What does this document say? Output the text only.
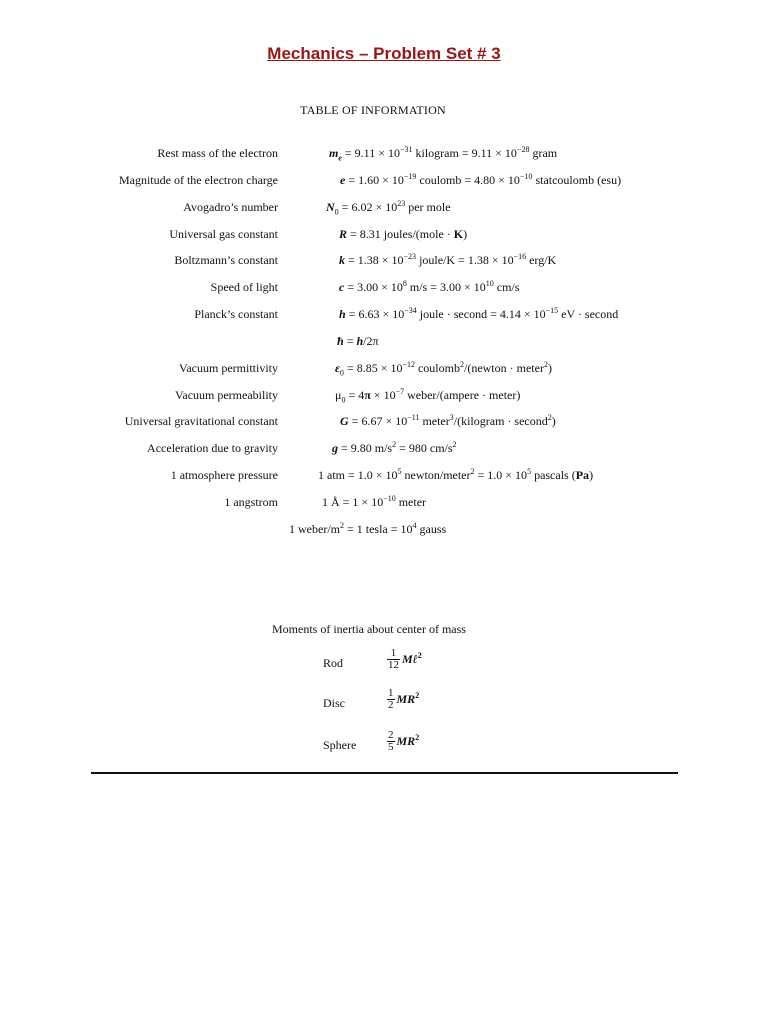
Mechanics – Problem Set # 3
TABLE OF INFORMATION
Rest mass of the electron	$m_e = 9.11 \times 10^{-31}$ kilogram = $9.11 \times 10^{-28}$ gram
Magnitude of the electron charge	$e = 1.60 \times 10^{-19}$ coulomb = $4.80 \times 10^{-10}$ statcoulomb (esu)
Avogadro’s number	$N_0 = 6.02 \times 10^{23}$ per mole
Universal gas constant	R = 8.31 joules/(mole · K)
Boltzmann’s constant	$k = 1.38 \times 10^{-23}$ joule/K = $1.38 \times 10^{-16}$ erg/K
Speed of light	$c = 3.00 \times 10^8$ $m/s = 3.00 \times 10^{10}$ cm/s
Planck’s constant	$h = 6.63 \times 10^{-34}$ joule · second = $4.14 \times 10^{-15}$ eV · second
ħ = h/2π
Vacuum permittivity	$\varepsilon_0 = 8.85 \times 10^{-12}$ coulomb$^2$/(newton · meter$^2$)
Vacuum permeability	$\mu_0 = 4\pi \times 10^{-7}$ weber/(ampere · meter)
Universal gravitational constant	$G = 6.67 \times 10^{-11}$ meter$^3$/(kilogram · second$^2$)
Acceleration due to gravity	g = 9.80 $m/s^2 = 980$ $cm/s^2$
1 atmosphere pressure	1 atm = $1.0 \times 10^5$ newton/meter$^2$ = $1.0 \times 10^5$ pascals (Pa)
1 angstrom	1 Å = $1 \times 10^{-10}$ meter
1 weber/$m^2 = 1$ tesla = $10^4$ gauss
Moments of inertia about center of mass
Rod	$\frac{1}{12}$ Mℓ$^2$
Disc	$\frac{1}{2} MR^2$
Sphere	$\frac{2}{5} MR^2$
